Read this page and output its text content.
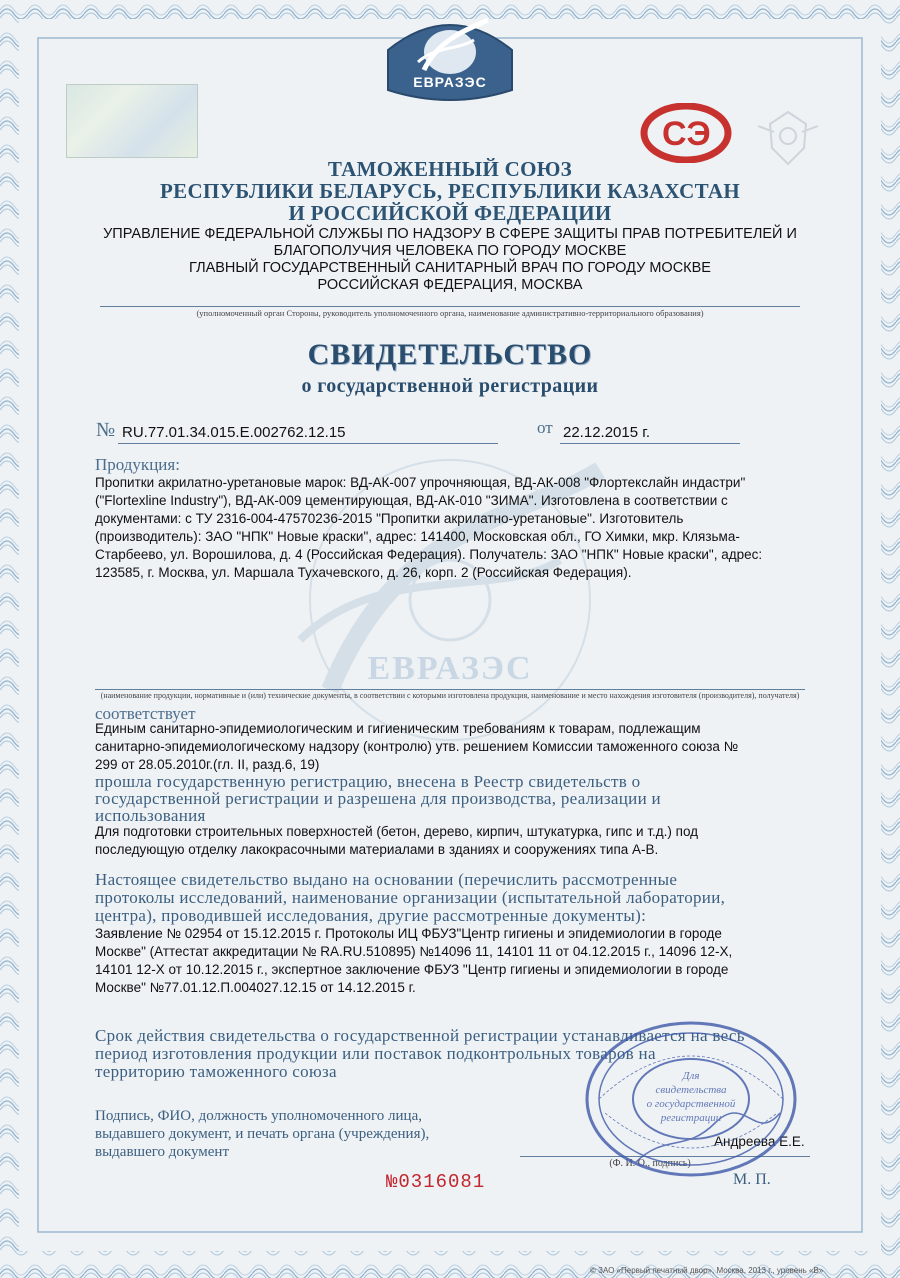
ЕВРАЗЭС
ЕВРАЗЭС
CЭ
ТАМОЖЕННЫЙ СОЮЗ
РЕСПУБЛИКИ БЕЛАРУСЬ, РЕСПУБЛИКИ КАЗАХСТАН
И РОССИЙСКОЙ ФЕДЕРАЦИИ
УПРАВЛЕНИЕ ФЕДЕРАЛЬНОЙ СЛУЖБЫ ПО НАДЗОРУ В СФЕРЕ ЗАЩИТЫ ПРАВ ПОТРЕБИТЕЛЕЙ И
БЛАГОПОЛУЧИЯ ЧЕЛОВЕКА ПО ГОРОДУ МОСКВЕ
ГЛАВНЫЙ ГОСУДАРСТВЕННЫЙ САНИТАРНЫЙ ВРАЧ ПО ГОРОДУ МОСКВЕ
РОССИЙСКАЯ ФЕДЕРАЦИЯ, МОСКВА
(уполномоченный орган Стороны, руководитель уполномоченного органа, наименование административно-территориального образования)
СВИДЕТЕЛЬСТВО
о государственной регистрации
№ RU.77.01.34.015.Е.002762.12.15	от 22.12.2015 г.
Продукция:
Пропитки акрилатно-уретановые марок: ВД-АК-007 упрочняющая, ВД-АК-008 "Флортекслайн индастри"
("Flortexline Industry"), ВД-АК-009 цементирующая, ВД-АК-010 "ЗИМА". Изготовлена в соответствии с
документами: с ТУ 2316-004-47570236-2015 "Пропитки акрилатно-уретановые". Изготовитель
(производитель): ЗАО "НПК" Новые краски", адрес: 141400, Московская обл., ГО Химки, мкр. Клязьма-
Старбеево, ул. Ворошилова, д. 4 (Российская Федерация). Получатель: ЗАО "НПК" Новые краски", адрес:
123585, г. Москва, ул. Маршала Тухачевского, д. 26, корп. 2 (Российская Федерация).
(наименование продукции, нормативные и (или) технические документы, в соответствии с которыми изготовлена продукция, наименование и место нахождения изготовителя (производителя), получателя)
соответствует
Единым санитарно-эпидемиологическим и гигиеническим требованиям к товарам, подлежащим
санитарно-эпидемиологическому надзору (контролю) утв. решением Комиссии таможенного союза №
299 от 28.05.2010г.(гл. II, разд.6, 19)
прошла государственную регистрацию, внесена в Реестр свидетельств о
государственной регистрации и разрешена для производства, реализации и
использования
Для подготовки строительных поверхностей (бетон, дерево, кирпич, штукатурка, гипс и т.д.) под
последующую отделку лакокрасочными материалами в зданиях и сооружениях типа А-В.
Настоящее свидетельство выдано на основании (перечислить рассмотренные
протоколы исследований, наименование организации (испытательной лаборатории,
центра), проводившей исследования, другие рассмотренные документы):
Заявление № 02954 от 15.12.2015 г. Протоколы ИЦ ФБУЗ"Центр гигиены и эпидемиологии в городе
Москве" (Аттестат аккредитации № RA.RU.510895) №14096 11, 14101 11 от 04.12.2015 г., 14096 12-Х,
14101 12-Х от 10.12.2015 г., экспертное заключение ФБУЗ "Центр гигиены и эпидемиологии в городе
Москве" №77.01.12.П.004027.12.15 от 14.12.2015 г.
Срок действия свидетельства о государственной регистрации устанавливается на весь
период изготовления продукции или поставок подконтрольных товаров на
территорию таможенного союза
Подпись, ФИО, должность уполномоченного лица,
выдавшего документ, и печать органа (учреждения),
выдавшего документ
Андреева Е.Е.
(Ф. И. О., подпись)
М. П.
№0316081
Для
свидетельства
о государственной
регистрации
© ЗАО «Первый печатный двор», Москва, 2013 г., уровень «В»
